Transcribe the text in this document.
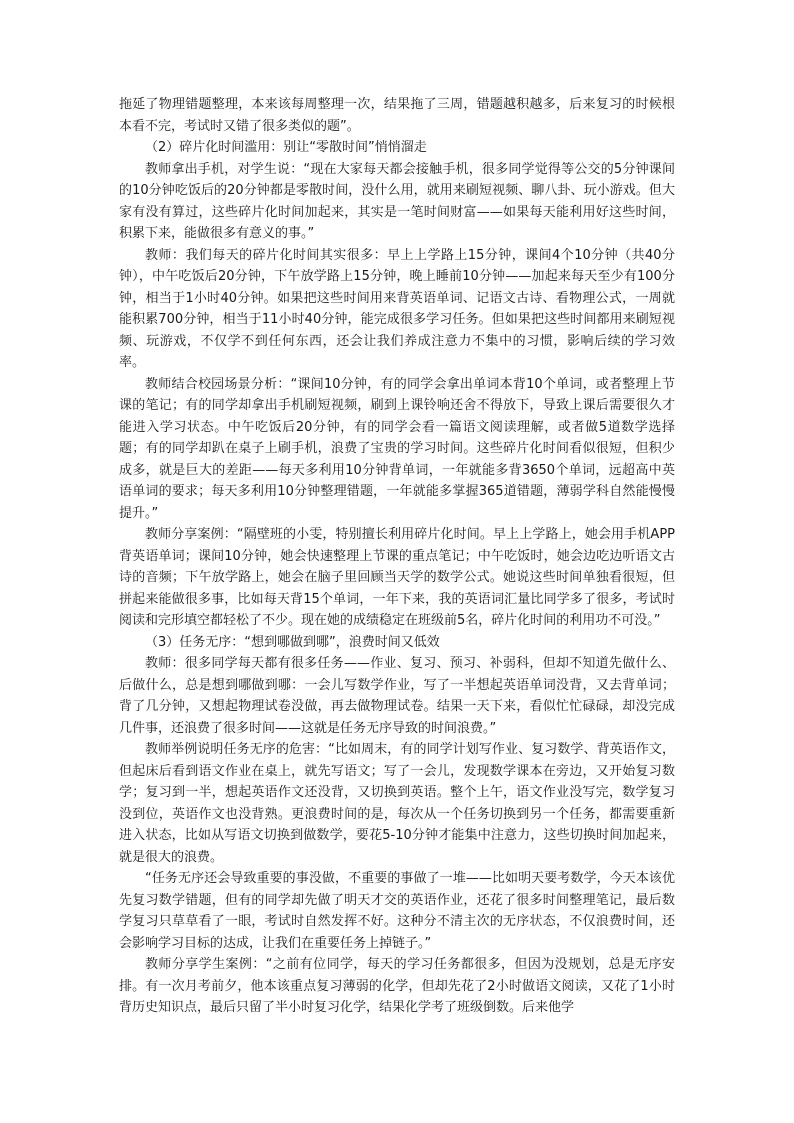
拖延了物理错题整理，本来该每周整理一次，结果拖了三周，错题越积越多，后来复习的时候根本看不完，考试时又错了很多类似的题”。

（2）碎片化时间滥用：别让“零散时间”悄悄溜走

教师拿出手机，对学生说：“现在大家每天都会接触手机，很多同学觉得等公交的5分钟课间的10分钟吃饭后的20分钟都是零散时间，没什么用，就用来刷短视频、聊八卦、玩小游戏。但大家有没有算过，这些碎片化时间加起来，其实是一笔时间财富——如果每天能利用好这些时间，积累下来，能做很多有意义的事。”

教师：我们每天的碎片化时间其实很多：早上上学路上15分钟，课间4个10分钟（共40分钟），中午吃饭后20分钟，下午放学路上15分钟，晚上睡前10分钟——加起来每天至少有100分钟，相当于1小时40分钟。如果把这些时间用来背英语单词、记语文古诗、看物理公式，一周就能积累700分钟，相当于11小时40分钟，能完成很多学习任务。但如果把这些时间都用来刷短视频、玩游戏，不仅学不到任何东西，还会让我们养成注意力不集中的习惯，影响后续的学习效率。

教师结合校园场景分析：“课间10分钟，有的同学会拿出单词本背10个单词，或者整理上节课的笔记；有的同学却拿出手机刷短视频，刷到上课铃响还舍不得放下，导致上课后需要很久才能进入学习状态。中午吃饭后20分钟，有的同学会看一篇语文阅读理解，或者做5道数学选择题；有的同学却趴在桌子上刷手机，浪费了宝贵的学习时间。这些碎片化时间看似很短，但积少成多，就是巨大的差距——每天多利用10分钟背单词，一年就能多背3650个单词，远超高中英语单词的要求；每天多利用10分钟整理错题，一年就能多掌握365道错题，薄弱学科自然能慢慢提升。”

教师分享案例：“隔壁班的小雯，特别擅长利用碎片化时间。早上上学路上，她会用手机APP背英语单词；课间10分钟，她会快速整理上节课的重点笔记；中午吃饭时，她会边吃边听语文古诗的音频；下午放学路上，她会在脑子里回顾当天学的数学公式。她说这些时间单独看很短，但拼起来能做很多事，比如每天背15个单词，一年下来，我的英语词汇量比同学多了很多，考试时阅读和完形填空都轻松了不少。现在她的成绩稳定在班级前5名，碎片化时间的利用功不可没。”

（3）任务无序：“想到哪做到哪”，浪费时间又低效

教师：很多同学每天都有很多任务——作业、复习、预习、补弱科，但却不知道先做什么、后做什么，总是想到哪做到哪：一会儿写数学作业，写了一半想起英语单词没背，又去背单词；背了几分钟，又想起物理试卷没做，再去做物理试卷。结果一天下来，看似忙忙碌碌，却没完成几件事，还浪费了很多时间——这就是任务无序导致的时间浪费。”

教师举例说明任务无序的危害：“比如周末，有的同学计划写作业、复习数学、背英语作文，但起床后看到语文作业在桌上，就先写语文；写了一会儿，发现数学课本在旁边，又开始复习数学；复习到一半，想起英语作文还没背，又切换到英语。整个上午，语文作业没写完，数学复习没到位，英语作文也没背熟。更浪费时间的是，每次从一个任务切换到另一个任务，都需要重新进入状态，比如从写语文切换到做数学，要花5-10分钟才能集中注意力，这些切换时间加起来，就是很大的浪费。

“任务无序还会导致重要的事没做，不重要的事做了一堆——比如明天要考数学，今天本该优先复习数学错题，但有的同学却先做了明天才交的英语作业，还花了很多时间整理笔记，最后数学复习只草草看了一眼，考试时自然发挥不好。这种分不清主次的无序状态，不仅浪费时间，还会影响学习目标的达成，让我们在重要任务上掉链子。”

教师分享学生案例：“之前有位同学，每天的学习任务都很多，但因为没规划，总是无序安排。有一次月考前夕，他本该重点复习薄弱的化学，但却先花了2小时做语文阅读，又花了1小时背历史知识点，最后只留了半小时复习化学，结果化学考了班级倒数。后来他学
